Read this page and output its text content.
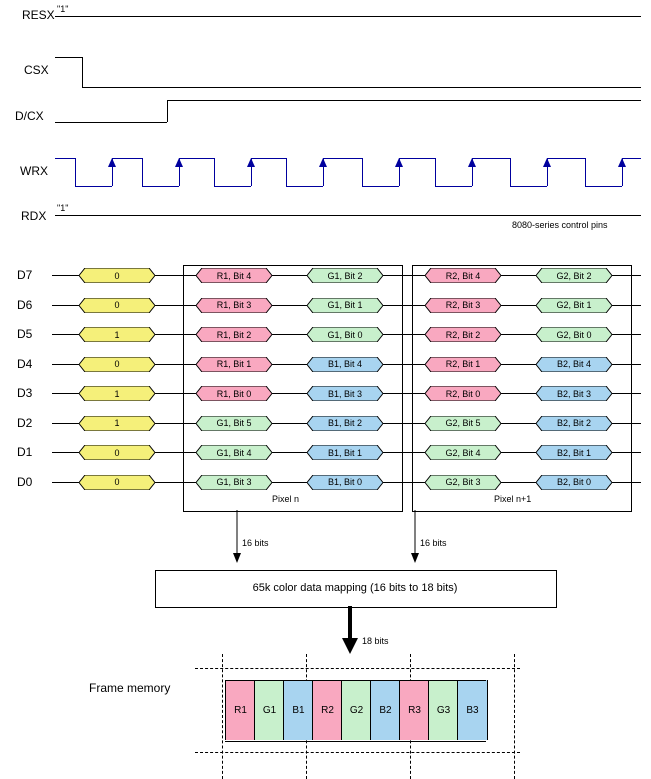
RESX "1"
CSX
D/CX
WRX
RDX
"1"
8080-series control pins
Pixel n	Pixel n+1
D7	0	R1, Bit 4	G1, Bit 2	R2, Bit 4	G2, Bit 2
D6	0	R1, Bit 3	G1, Bit 1	R2, Bit 3	G2, Bit 1
D5	1	R1, Bit 2	G1, Bit 0	R2, Bit 2	G2, Bit 0
D4	0	R1, Bit 1	B1, Bit 4	R2, Bit 1	B2, Bit 4
D3	1	R1, Bit 0	B1, Bit 3	R2, Bit 0	B2, Bit 3
D2	1	G1, Bit 5	B1, Bit 2	G2, Bit 5	B2, Bit 2
D1	0	G1, Bit 4	B1, Bit 1	G2, Bit 4	B2, Bit 1
D0	0	G1, Bit 3	B1, Bit 0	G2, Bit 3	B2, Bit 0
16 bits	16 bits
65k color data mapping (16 bits to 18 bits)
18 bits
Frame memory
R1	G1	B1	R2	G2	B2	R3	G3	B3
